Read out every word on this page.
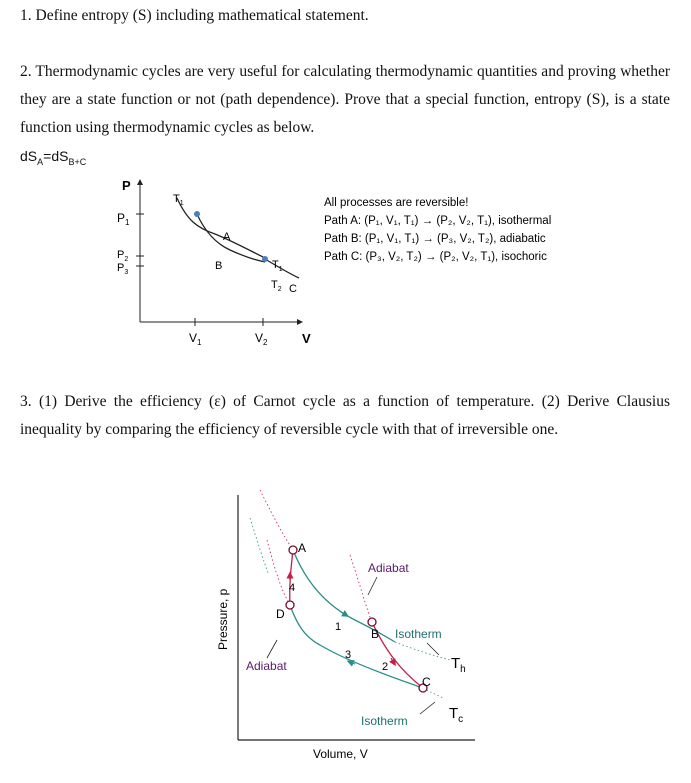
1. Define entropy (S) including mathematical statement.
2. Thermodynamic cycles are very useful for calculating thermodynamic quantities and proving whether they are a state function or not (path dependence). Prove that a special function, entropy (S), is a state function using thermodynamic cycles as below.
$dS_A=dS_{B+C}$
P
V
$P_1$
$P_2$
$P_3$
$V_1$	$V_2$
$T_1$
A
B	$T_1$
$T_2$ C
All processes are reversible!
Path A: (P₁, V₁, T₁) → (P₂, V₂, T₁), isothermal
Path B: (P₁, V₁, T₁) → (P₃, V₂, T₂), adiabatic
Path C: (P₃, V₂, T₂) → (P₂, V₂, T₁), isochoric
3. (1) Derive the efficiency (ε) of Carnot cycle as a function of temperature. (2) Derive Clausius inequality by comparing the efficiency of reversible cycle with that of irreversible one.
Pressure, p
Volume, V
A
B
C
D
1
2
3
4
Adiabat
Adiabat
Isotherm
Isotherm
$T_h$
$T_c$
